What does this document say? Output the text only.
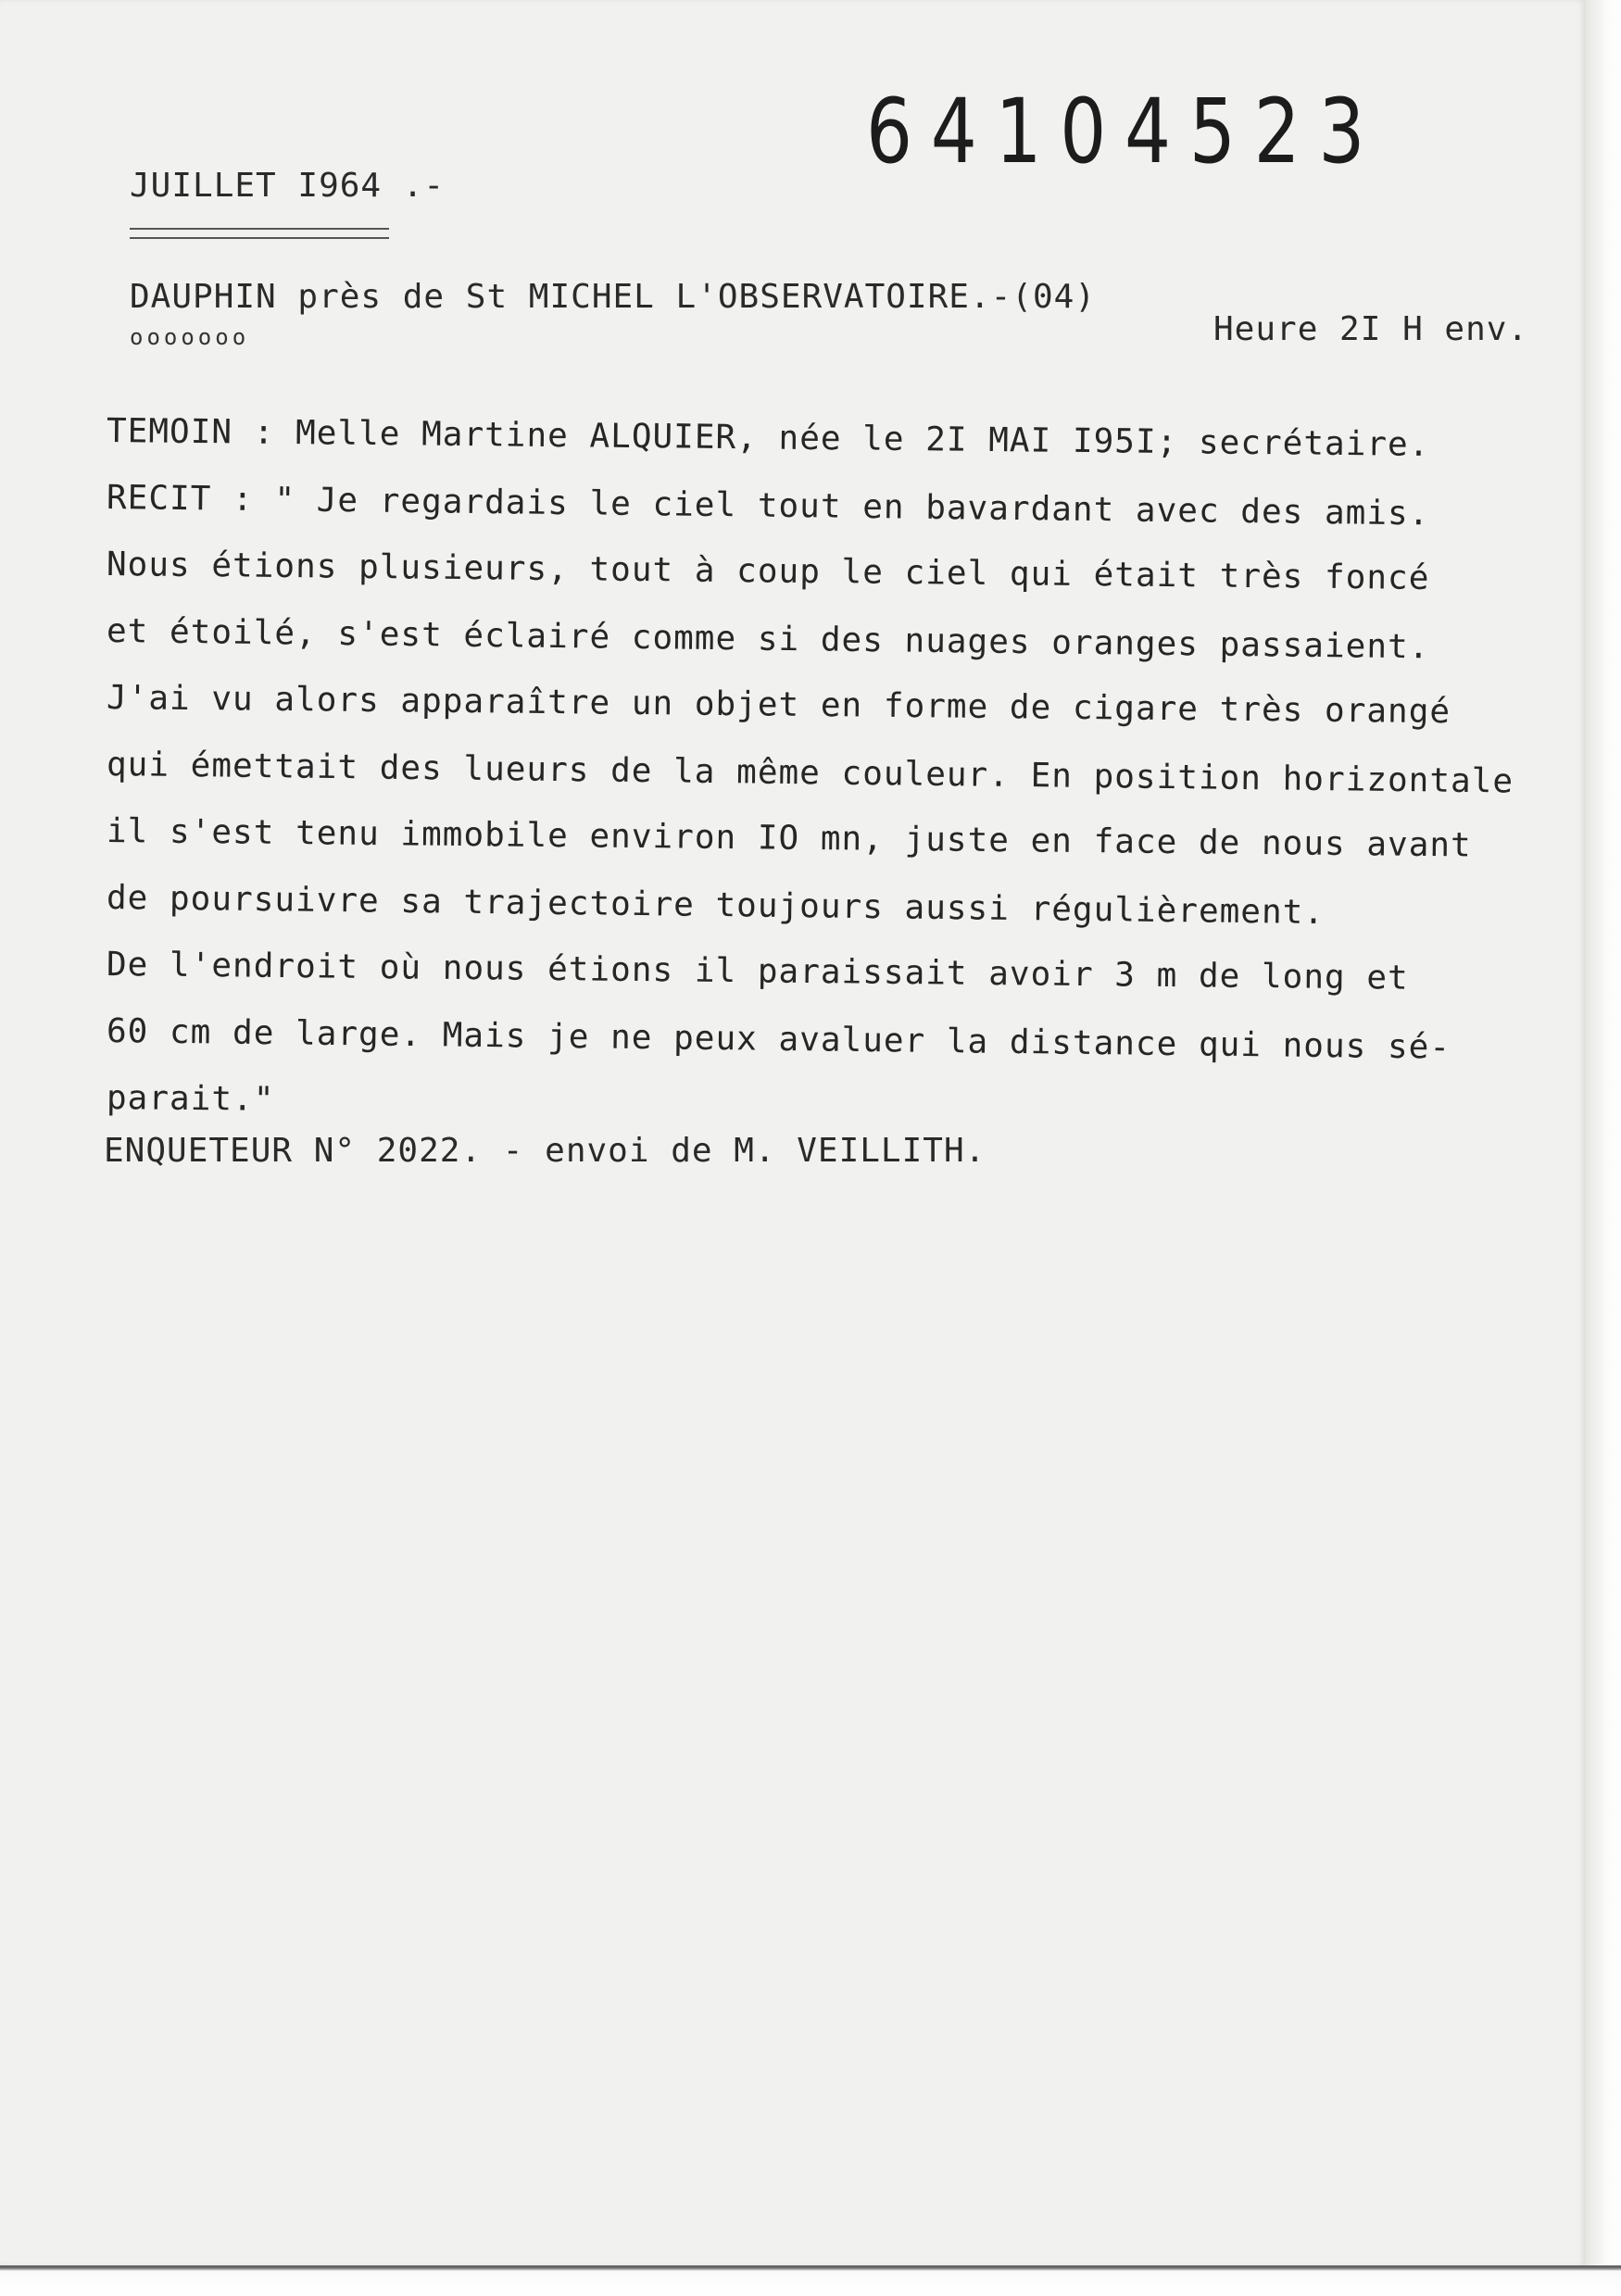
64104523
JUILLET I964 .-
DAUPHIN près de St MICHEL L'OBSERVATOIRE.-(04)
ooooooo	Heure 2I H env.
TEMOIN : Melle Martine ALQUIER, née le 2I MAI I95I; secrétaire.
RECIT : " Je regardais le ciel tout en bavardant avec des amis.
Nous étions plusieurs, tout à coup le ciel qui était très foncé
et étoilé, s'est éclairé comme si des nuages oranges passaient.
J'ai vu alors apparaître un objet en forme de cigare très orangé
qui émettait des lueurs de la même couleur. En position horizontale
il s'est tenu immobile environ IO mn, juste en face de nous avant
de poursuivre sa trajectoire toujours aussi régulièrement.
De l'endroit où nous étions il paraissait avoir 3 m de long et
60 cm de large. Mais je ne peux avaluer la distance qui nous sé-
parait."
ENQUETEUR N° 2022. - envoi de M. VEILLITH.
